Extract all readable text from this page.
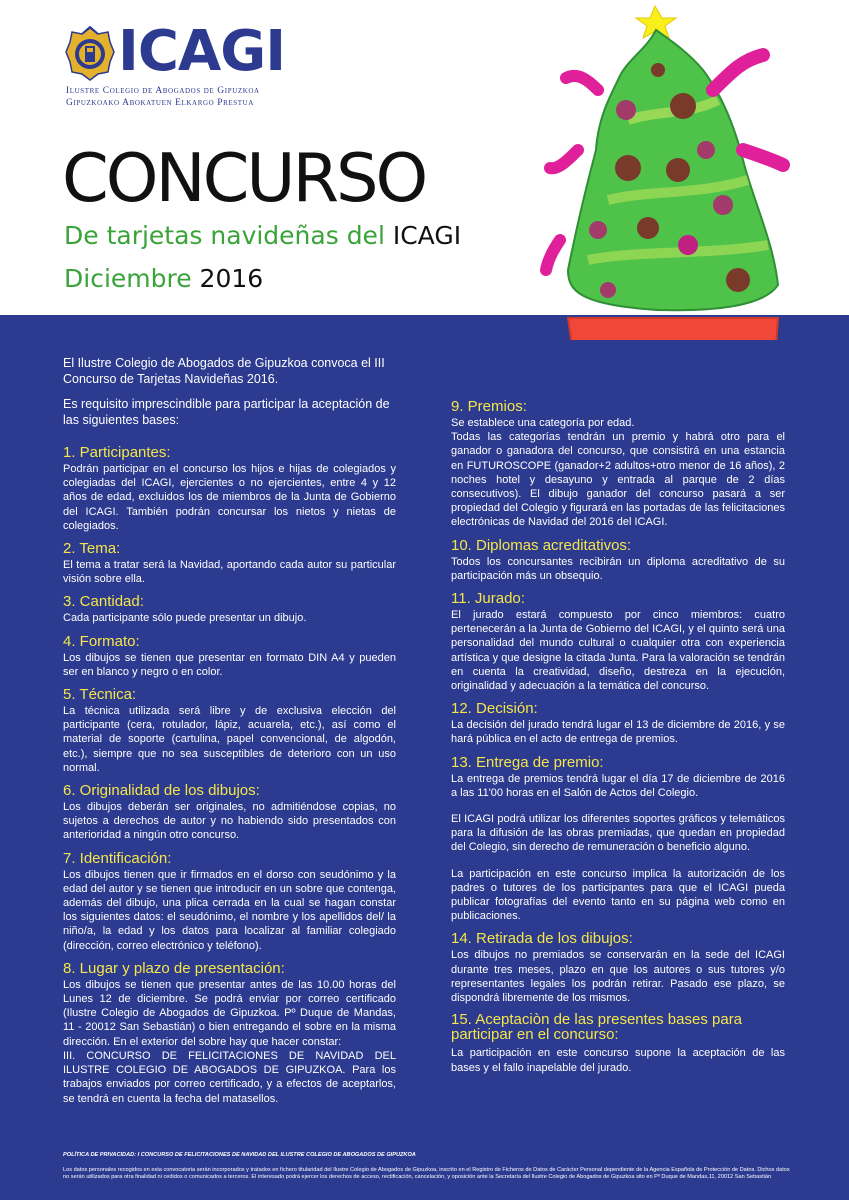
ICAGI
Ilustre Colegio de Abogados de Gipuzkoa
Gipuzkoako Abokatuen Elkargo Prestua
CONCURSO
De tarjetas navideñas del ICAGI
Diciembre 2016
El Ilustre Colegio de Abogados de Gipuzkoa convoca el III Concurso de Tarjetas Navideñas 2016.
Es requisito imprescindible para participar la aceptación de las siguientes bases:
1. Participantes:
Podrán participar en el concurso los hijos e hijas de colegiados y colegiadas del ICAGI, ejercientes o no ejercientes, entre 4 y 12 años de edad, excluidos los de miembros de la Junta de Gobierno del ICAGI. También podrán concursar los nietos y nietas de colegiados.
2. Tema:
El tema a tratar será la Navidad, aportando cada autor su particular visión sobre ella.
3. Cantidad:
Cada participante sólo puede presentar un dibujo.
4. Formato:
Los dibujos se tienen que presentar en formato DIN A4 y pueden ser en blanco y negro o en color.
5. Técnica:
La técnica utilizada será libre y de exclusiva elección del participante (cera, rotulador, lápiz, acuarela, etc.), así como el material de soporte (cartulina, papel convencional, de algodón, etc.), siempre que no sea susceptibles de deterioro con un uso normal.
6. Originalidad de los dibujos:
Los dibujos deberán ser originales, no admitiéndose copias, no sujetos a derechos de autor y no habiendo sido presentados con anterioridad a ningún otro concurso.
7. Identificación:
Los dibujos tienen que ir firmados en el dorso con seudónimo y la edad del autor y se tienen que introducir en un sobre que contenga, además del dibujo, una plica cerrada en la cual se hagan constar los siguientes datos: el seudónimo, el nombre y los apellidos del/ la niño/a, la edad y los datos para localizar al familiar colegiado (dirección, correo electrónico y teléfono).
8. Lugar y plazo de presentación:
Los dibujos se tienen que presentar antes de las 10.00 horas del Lunes 12 de diciembre. Se podrá enviar por correo certificado (Ilustre Colegio de Abogados de Gipuzkoa. Pº Duque de Mandas, 11 - 20012 San Sebastián) o bien entregando el sobre en la misma dirección. En el exterior del sobre hay que hacer constar:
III. CONCURSO DE FELICITACIONES DE NAVIDAD DEL ILUSTRE COLEGIO DE ABOGADOS DE GIPUZKOA. Para los trabajos enviados por correo certificado, y a efectos de aceptarlos, se tendrá en cuenta la fecha del matasellos.
9. Premios:
Se establece una categoría por edad.
Todas las categorías tendrán un premio y habrá otro para el ganador o ganadora del concurso, que consistirá en una estancia en FUTUROSCOPE (ganador+2 adultos+otro menor de 16 años), 2 noches hotel y desayuno y entrada al parque de 2 días consecutivos). El dibujo ganador del concurso pasará a ser propiedad del Colegio y figurará en las portadas de las felicitaciones electrónicas de Navidad del 2016 del ICAGI.
10. Diplomas acreditativos:
Todos los concursantes recibirán un diploma acreditativo de su participación más un obsequio.
11. Jurado:
El jurado estará compuesto por cinco miembros: cuatro pertenecerán a la Junta de Gobierno del ICAGI, y el quinto será una personalidad del mundo cultural o cualquier otra con experiencia artística y que designe la citada Junta. Para la valoración se tendrán en cuenta la creatividad, diseño, destreza en la ejecución, originalidad y adecuación a la temática del concurso.
12. Decisión:
La decisión del jurado tendrá lugar el 13 de diciembre de 2016, y se hará pública en el acto de entrega de premios.
13. Entrega de premio:
La entrega de premios tendrá lugar el día 17 de diciembre de 2016 a las 11'00 horas en el Salón de Actos del Colegio.
El ICAGI podrá utilizar los diferentes soportes gráficos y telemáticos para la difusión de las obras premiadas, que quedan en propiedad del Colegio, sin derecho de remuneración o beneficio alguno.
La participación en este concurso implica la autorización de los padres o tutores de los participantes para que el ICAGI pueda publicar fotografías del evento tanto en su página web como en publicaciones.
14. Retirada de los dibujos:
Los dibujos no premiados se conservarán en la sede del ICAGI durante tres meses, plazo en que los autores o sus tutores y/o representantes legales los podrán retirar. Pasado ese plazo, se dispondrá libremente de los mismos.
15. Aceptaciòn de las presentes bases para participar en el concurso:
La participación en este concurso supone la aceptación de las bases y el fallo inapelable del jurado.
POLÍTICA DE PRIVACIDAD: I CONCURSO DE FELICITACIONES DE NAVIDAD DEL ILUSTRE COLEGIO DE ABOGADOS DE GIPUZKOA
Los datos personales recogidos en esta convocatoria serán incorporados y tratados en fichero titularidad del Ilustre Colegio de Abogados de Gipuzkoa, inscrito en el Registro de Ficheros de Datos de Carácter Personal dependiente de la Agencia Española de Protección de Datos. Dichos datos no serán utilizados para otra finalidad ni cedidos o comunicados a terceros. El interesado podrá ejercer los derechos de acceso, rectificación, cancelación, y oposición ante la Secretaría del Ilustre Colegio de Abogados de Gipuzkoa sito en Pº Duque de Mandas,11, 20012 San Sebastián
